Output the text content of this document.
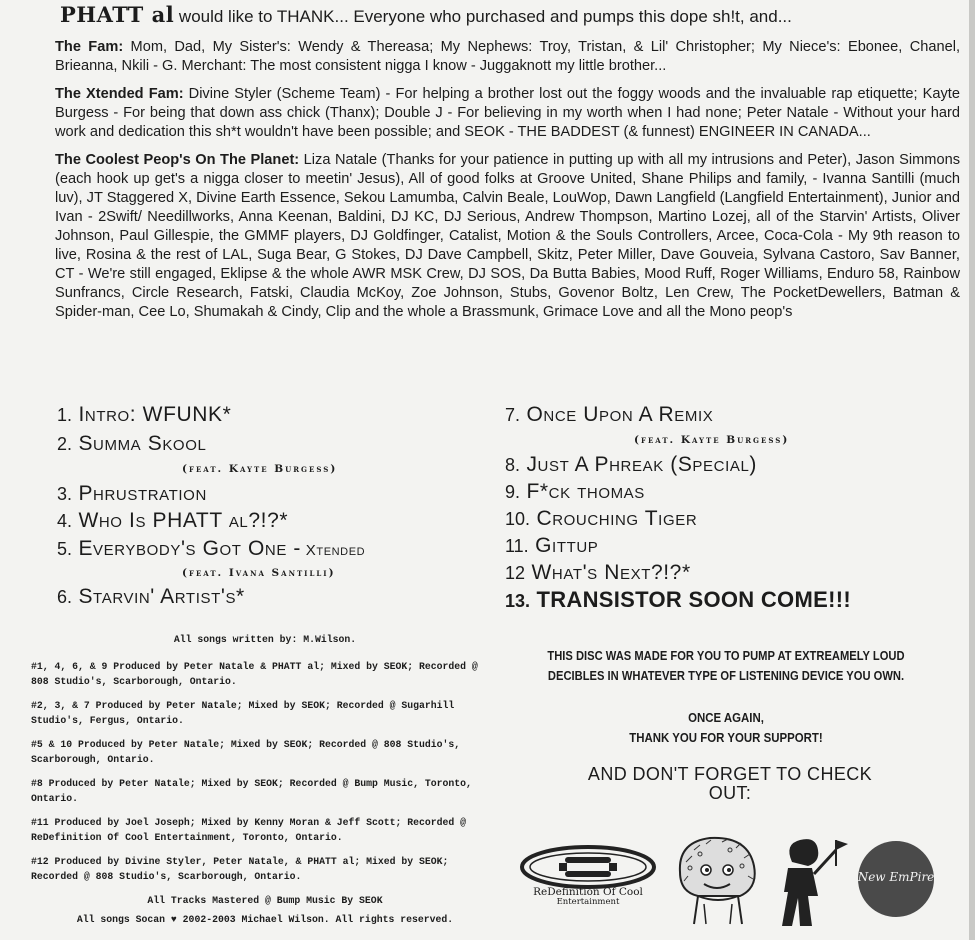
PHATT al would like to THANK... Everyone who purchased and pumps this dope sh!t, and...
The Fam: Mom, Dad, My Sister's: Wendy & Thereasa; My Nephews: Troy, Tristan, & Lil' Christopher; My Niece's: Ebonee, Chanel, Brieanna, Nkili - G. Merchant: The most consistent nigga I know - Juggaknott my little brother...
The Xtended Fam: Divine Styler (Scheme Team) - For helping a brother lost out the foggy woods and the invaluable rap etiquette; Kayte Burgess - For being that down ass chick (Thanx); Double J - For believing in my worth when I had none; Peter Natale - Without your hard work and dedication this sh*t wouldn't have been possible; and SEOK - THE BADDEST (& funnest) ENGINEER IN CANADA...
The Coolest Peop's On The Planet: Liza Natale (Thanks for your patience in putting up with all my intrusions and Peter), Jason Simmons (each hook up get's a nigga closer to meetin' Jesus), All of good folks at Groove United, Shane Philips and family, - Ivanna Santilli (much luv), JT Staggered X, Divine Earth Essence, Sekou Lamumba, Calvin Beale, LouWop, Dawn Langfield (Langfield Entertainment), Junior and Ivan - 2Swift/ Needillworks, Anna Keenan, Baldini, DJ KC, DJ Serious, Andrew Thompson, Martino Lozej, all of the Starvin' Artists, Oliver Johnson, Paul Gillespie, the GMMF players, DJ Goldfinger, Catalist, Motion & the Souls Controllers, Arcee, Coca-Cola - My 9th reason to live, Rosina & the rest of LAL, Suga Bear, G Stokes, DJ Dave Campbell, Skitz, Peter Miller, Dave Gouveia, Sylvana Castoro, Sav Banner, CT - We're still engaged, Eklipse & the whole AWR MSK Crew, DJ SOS, Da Butta Babies, Mood Ruff, Roger Williams, Enduro 58, Rainbow Sunfrancs, Circle Research, Fatski, Claudia McKoy, Zoe Johnson, Stubs, Govenor Boltz, Len Crew, The PocketDewellers, Batman & Spider-man, Cee Lo, Shumakah & Cindy, Clip and the whole a Brassmunk, Grimace Love and all the Mono peop's
1. Intro: WFUNK*
2. Summa Skool
(feat. Kayte Burgess)
3. Phrustration
4. Who Is PHATT al?!?*
5. Everybody's Got One - Xtended
(feat. Ivana Santilli)
6. Starvin' Artist's*
7. Once Upon A Remix
(feat. Kayte Burgess)
8. Just A Phreak (Special)
9. F*ck thomas
10. Crouching Tiger
11. Gittup
12 What's Next?!?*
13. TRANSISTOR SOON COME!!!
All songs written by: M.Wilson.
#1, 4, 6, & 9 Produced by Peter Natale & PHATT al; Mixed by SEOK; Recorded @ 808 Studio's, Scarborough, Ontario.
#2, 3, & 7 Produced by Peter Natale; Mixed by SEOK; Recorded @ Sugarhill Studio's, Fergus, Ontario.
#5 & 10 Produced by Peter Natale; Mixed by SEOK; Recorded @ 808 Studio's, Scarborough, Ontario.
#8 Produced by Peter Natale; Mixed by SEOK; Recorded @ Bump Music, Toronto, Ontario.
#11 Produced by Joel Joseph; Mixed by Kenny Moran & Jeff Scott; Recorded @ ReDefinition Of Cool Entertainment, Toronto, Ontario.
#12 Produced by Divine Styler, Peter Natale, & PHATT al; Mixed by SEOK; Recorded @ 808 Studio's, Scarborough, Ontario.
All Tracks Mastered @ Bump Music By SEOK
All songs Socan ♥ 2002-2003 Michael Wilson. All rights reserved.
THIS DISC WAS MADE FOR YOU TO PUMP AT EXTREAMELY LOUD
DECIBLES IN WHATEVER TYPE OF LISTENING DEVICE YOU OWN.
ONCE AGAIN,
THANK YOU FOR YOUR SUPPORT!
AND DON'T FORGET TO CHECK
OUT:
ReDefinition Of Cool
Entertainment
New EmPire
